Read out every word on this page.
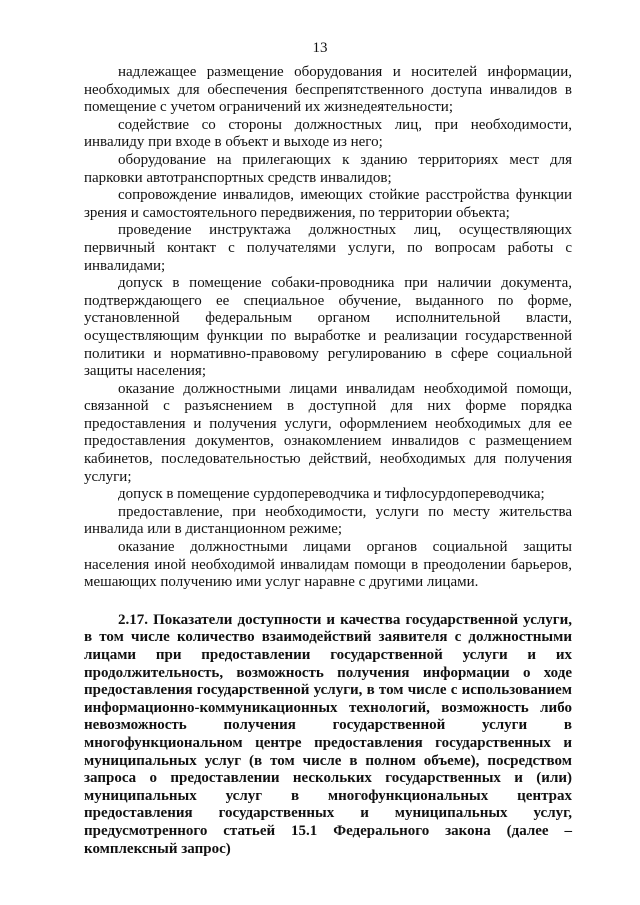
13

надлежащее размещение оборудования и носителей информации, необходимых для обеспечения беспрепятственного доступа инвалидов в помещение с учетом ограничений их жизнедеятельности;

содействие со стороны должностных лиц, при необходимости, инвалиду при входе в объект и выходе из него;

оборудование на прилегающих к зданию территориях мест для парковки автотранспортных средств инвалидов;

сопровождение инвалидов, имеющих стойкие расстройства функции зрения и самостоятельного передвижения, по территории объекта;

проведение инструктажа должностных лиц, осуществляющих первичный контакт с получателями услуги, по вопросам работы с инвалидами;

допуск в помещение собаки-проводника при наличии документа, подтверждающего ее специальное обучение, выданного по форме, установленной федеральным органом исполнительной власти, осуществляющим функции по выработке и реализации государственной политики и нормативно-правовому регулированию в сфере социальной защиты населения;

оказание должностными лицами инвалидам необходимой помощи, связанной с разъяснением в доступной для них форме порядка предоставления и получения услуги, оформлением необходимых для ее предоставления документов, ознакомлением инвалидов с размещением кабинетов, последовательностью действий, необходимых для получения услуги;

допуск в помещение сурдопереводчика и тифлосурдопереводчика;

предоставление, при необходимости, услуги по месту жительства инвалида или в дистанционном режиме;

оказание должностными лицами органов социальной защиты населения иной необходимой инвалидам помощи в преодолении барьеров, мешающих получению ими услуг наравне с другими лицами.

2.17. Показатели доступности и качества государственной услуги, в том числе количество взаимодействий заявителя с должностными лицами при предоставлении государственной услуги и их продолжительность, возможность получения информации о ходе предоставления государственной услуги, в том числе с использованием информационно-коммуникационных технологий, возможность либо невозможность получения государственной услуги в многофункциональном центре предоставления государственных и муниципальных услуг (в том числе в полном объеме), посредством запроса о предоставлении нескольких государственных и (или) муниципальных услуг в многофункциональных центрах предоставления государственных и муниципальных услуг, предусмотренного статьей 15.1 Федерального закона (далее – комплексный запрос)
